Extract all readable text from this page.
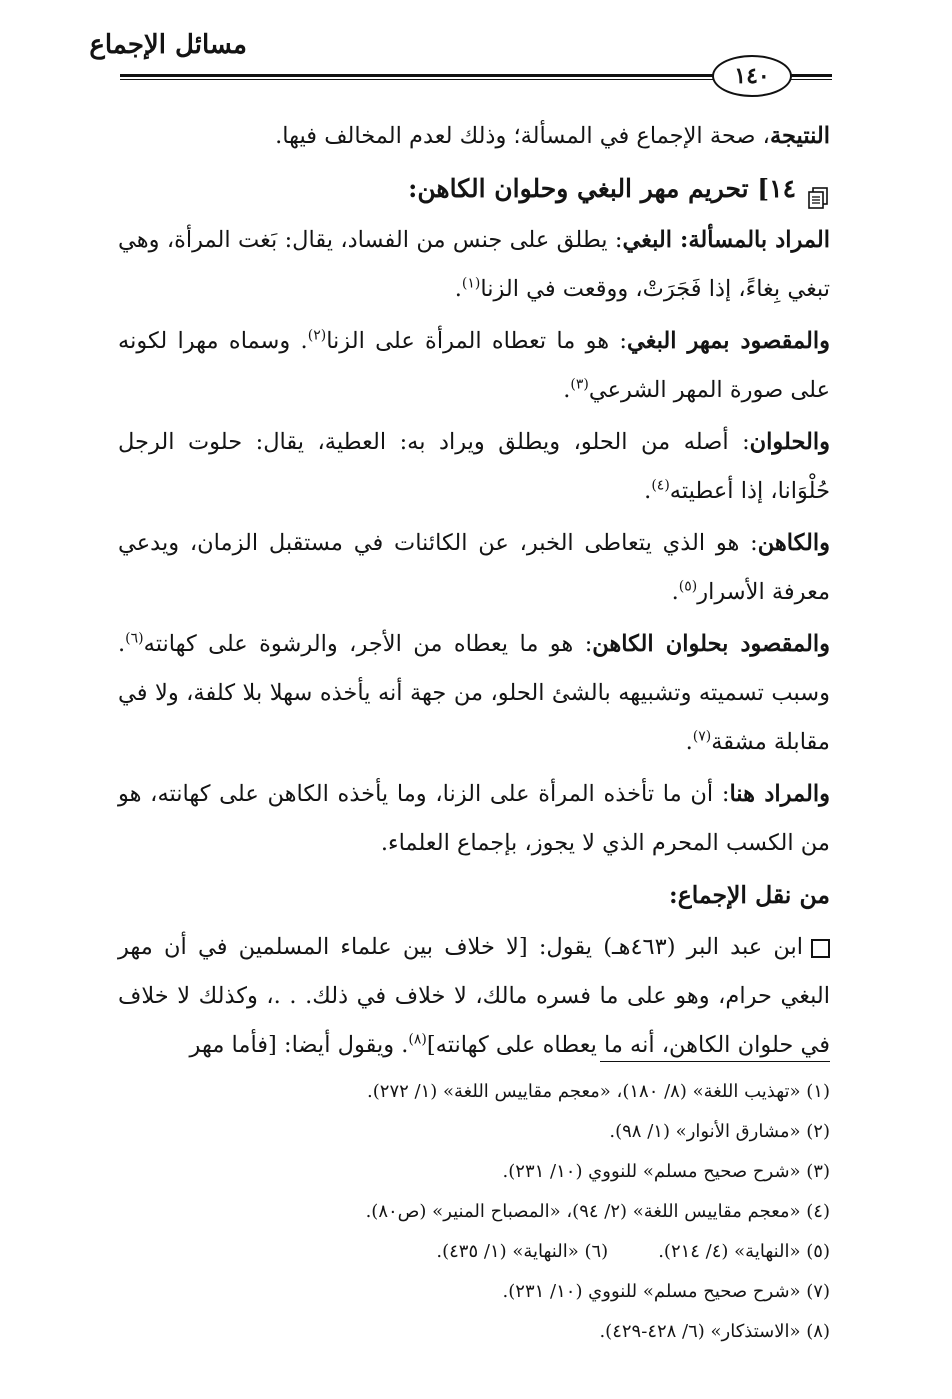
مسائل الإجماع
١٤٠

النتيجة، صحة الإجماع في المسألة؛ وذلك لعدم المخالف فيها.

١٤] تحريم مهر البغي وحلوان الكاهن:

المراد بالمسألة: البغي: يطلق على جنس من الفساد، يقال: بَغت المرأة، وهي تبغي بِغاءً، إذا فَجَرَتْ، ووقعت في الزنا$^{(١)}$.

والمقصود بمهر البغي: هو ما تعطاه المرأة على الزنا$^{(٢)}$. وسماه مهرا لكونه على صورة المهر الشرعي$^{(٣)}$.

والحلوان: أصله من الحلو، ويطلق ويراد به: العطية، يقال: حلوت الرجل حُلْوَانا، إذا أعطيته$^{(٤)}$.

والكاهن: هو الذي يتعاطى الخبر، عن الكائنات في مستقبل الزمان، ويدعي معرفة الأسرار$^{(٥)}$.

والمقصود بحلوان الكاهن: هو ما يعطاه من الأجر، والرشوة على كهانته$^{(٦)}$. وسبب تسميته وتشبيهه بالشئ الحلو، من جهة أنه يأخذه سهلا بلا كلفة، ولا في مقابلة مشقة$^{(٧)}$.

والمراد هنا: أن ما تأخذه المرأة على الزنا، وما يأخذه الكاهن على كهانته، هو من الكسب المحرم الذي لا يجوز، بإجماع العلماء.

من نقل الإجماع:

ابن عبد البر (٤٦٣هـ) يقول: [لا خلاف بين علماء المسلمين في أن مهر البغي حرام، وهو على ما فسره مالك، لا خلاف في ذلك. . .، وكذلك لا خلاف في حلوان الكاهن، أنه ما يعطاه على كهانته]$^{(٨)}$. ويقول أيضا: [فأما مهر

(١) «تهذيب اللغة» (٨/ ١٨٠)، «معجم مقاييس اللغة» (١/ ٢٧٢).
(٢) «مشارق الأنوار» (١/ ٩٨).
(٣) «شرح صحيح مسلم» للنووي (١٠/ ٢٣١).
(٤) «معجم مقاييس اللغة» (٢/ ٩٤)، «المصباح المنير» (ص٨٠).
(٥) «النهاية» (٤/ ٢١٤).(٦) «النهاية» (١/ ٤٣٥).
(٧) «شرح صحيح مسلم» للنووي (١٠/ ٢٣١).
(٨) «الاستذكار» (٦/ ٤٢٨-٤٢٩).
